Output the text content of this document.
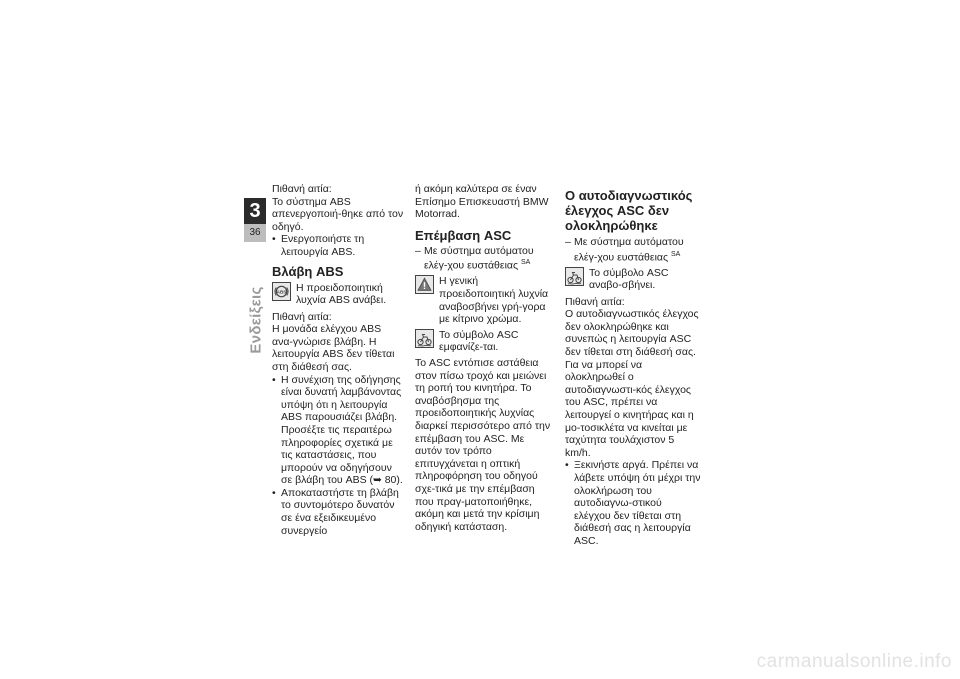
3
36
Ενδείξεις

Πιθανή αιτία:

Το σύστημα ABS απενεργοποιή-θηκε από τον οδηγό.

• Ενεργοποιήστε τη λειτουργία ABS.
Βλάβη ABS
ABS Η προειδοποιητική λυχνία ABS ανάβει.

Πιθανή αιτία:

Η μονάδα ελέγχου ABS ανα-γνώρισε βλάβη. Η λειτουργία ABS δεν τίθεται στη διάθεσή σας.

• Η συνέχιση της οδήγησης είναι δυνατή λαμβάνοντας υπόψη ότι η λειτουργία ABS παρουσιάζει βλάβη. Προσέξτε τις περαιτέρω πληροφορίες σχετικά με τις καταστάσεις, που μπορούν να οδηγήσουν σε βλάβη του ABS (➥ 80).
• Αποκαταστήστε τη βλάβη το συντομότερο δυνατόν σε ένα εξειδικευμένο συνεργείο

ή ακόμη καλύτερα σε έναν Επίσημο Επισκευαστή BMW Motorrad.

Επέμβαση ASC
– Με σύστημα αυτόματου ελέγ-χου ευστάθειας $^{SA}$
Η γενική προειδοποιητική λυχνία αναβοσβήνει γρή-γορα με κίτρινο χρώμα.
Το σύμβολο ASC εμφανίζε-ται.

Το ASC εντόπισε αστάθεια στον πίσω τροχό και μειώνει τη ροπή του κινητήρα. Το αναβόσβησμα της προειδοποιητικής λυχνίας διαρκεί περισσότερο από την επέμβαση του ASC. Με αυτόν τον τρόπο επιτυγχάνεται η οπτική πληροφόρηση του οδηγού σχε-τικά με την επέμβαση που πραγ-ματοποιήθηκε, ακόμη και μετά την κρίσιμη οδηγική κατάσταση.

Ο αυτοδιαγνωστικός έλεγχος ASC δεν ολοκληρώθηκε
– Με σύστημα αυτόματου ελέγ-χου ευστάθειας $^{SA}$
Το σύμβολο ASC αναβο-σβήνει.

Πιθανή αιτία:

Ο αυτοδιαγνωστικός έλεγχος δεν ολοκληρώθηκε και συνεπώς η λειτουργία ASC δεν τίθεται στη διάθεσή σας. Για να μπορεί να ολοκληρωθεί ο αυτοδιαγνωστι-κός έλεγχος του ASC, πρέπει να λειτουργεί ο κινητήρας και η μο-τοσικλέτα να κινείται με ταχύτητα τουλάχιστον 5 km/h.

• Ξεκινήστε αργά. Πρέπει να λάβετε υπόψη ότι μέχρι την ολοκλήρωση του αυτοδιαγνω-στικού ελέγχου δεν τίθεται στη διάθεσή σας η λειτουργία ASC.
carmanualsonline.info
